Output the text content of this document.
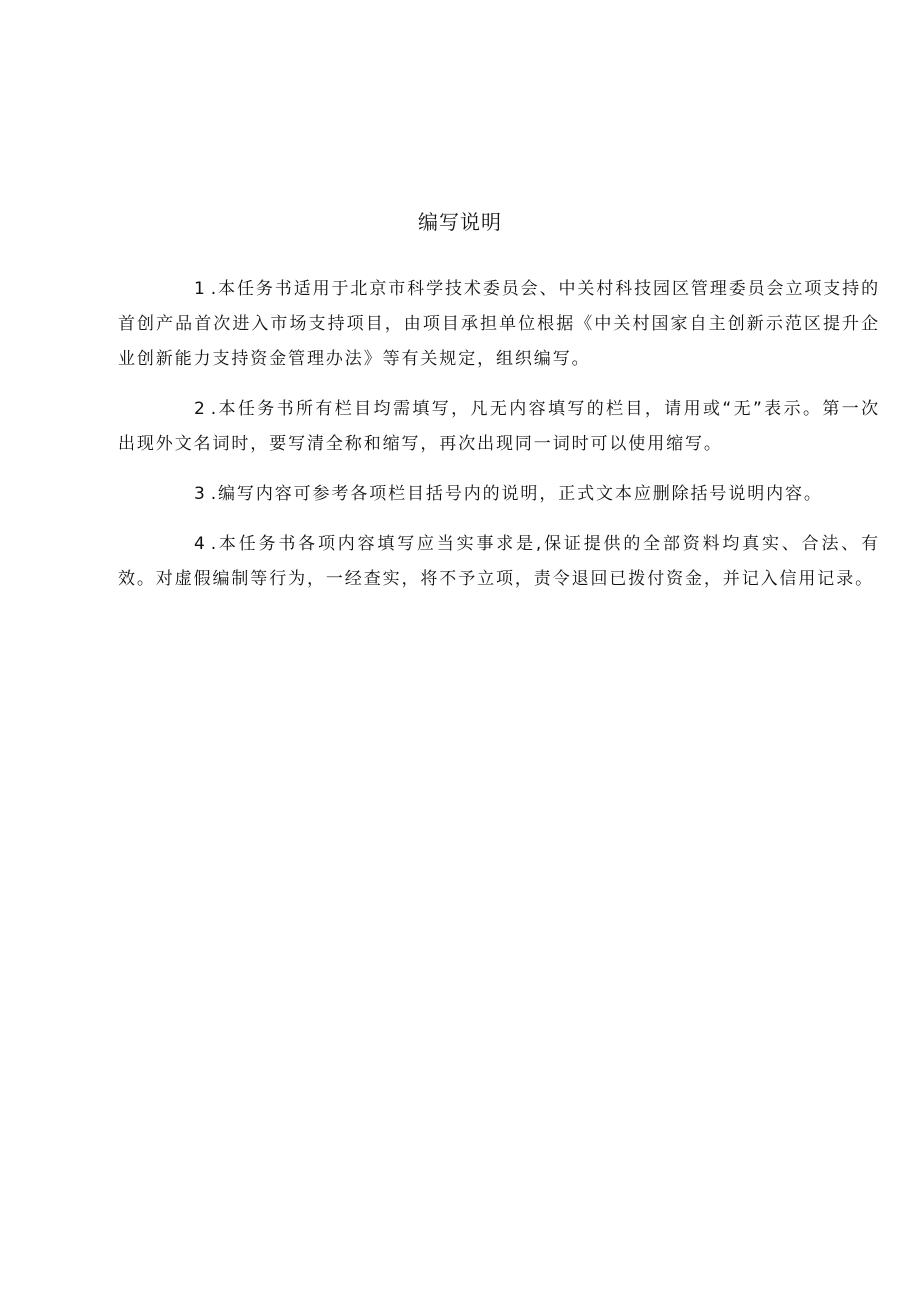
编写说明

1 .本任务书适用于北京市科学技术委员会、中关村科技园区管理委员会立项支持的首创产品首次进入市场支持项目，由项目承担单位根据《中关村国家自主创新示范区提升企业创新能力支持资金管理办法》等有关规定，组织编写。

2 .本任务书所有栏目均需填写，凡无内容填写的栏目，请用或“无”表示。第一次出现外文名词时，要写清全称和缩写，再次出现同一词时可以使用缩写。

3 .编写内容可参考各项栏目括号内的说明，正式文本应删除括号说明内容。

4 .本任务书各项内容填写应当实事求是,保证提供的全部资料均真实、合法、有效。对虚假编制等行为，一经查实，将不予立项，责令退回已拨付资金，并记入信用记录。
